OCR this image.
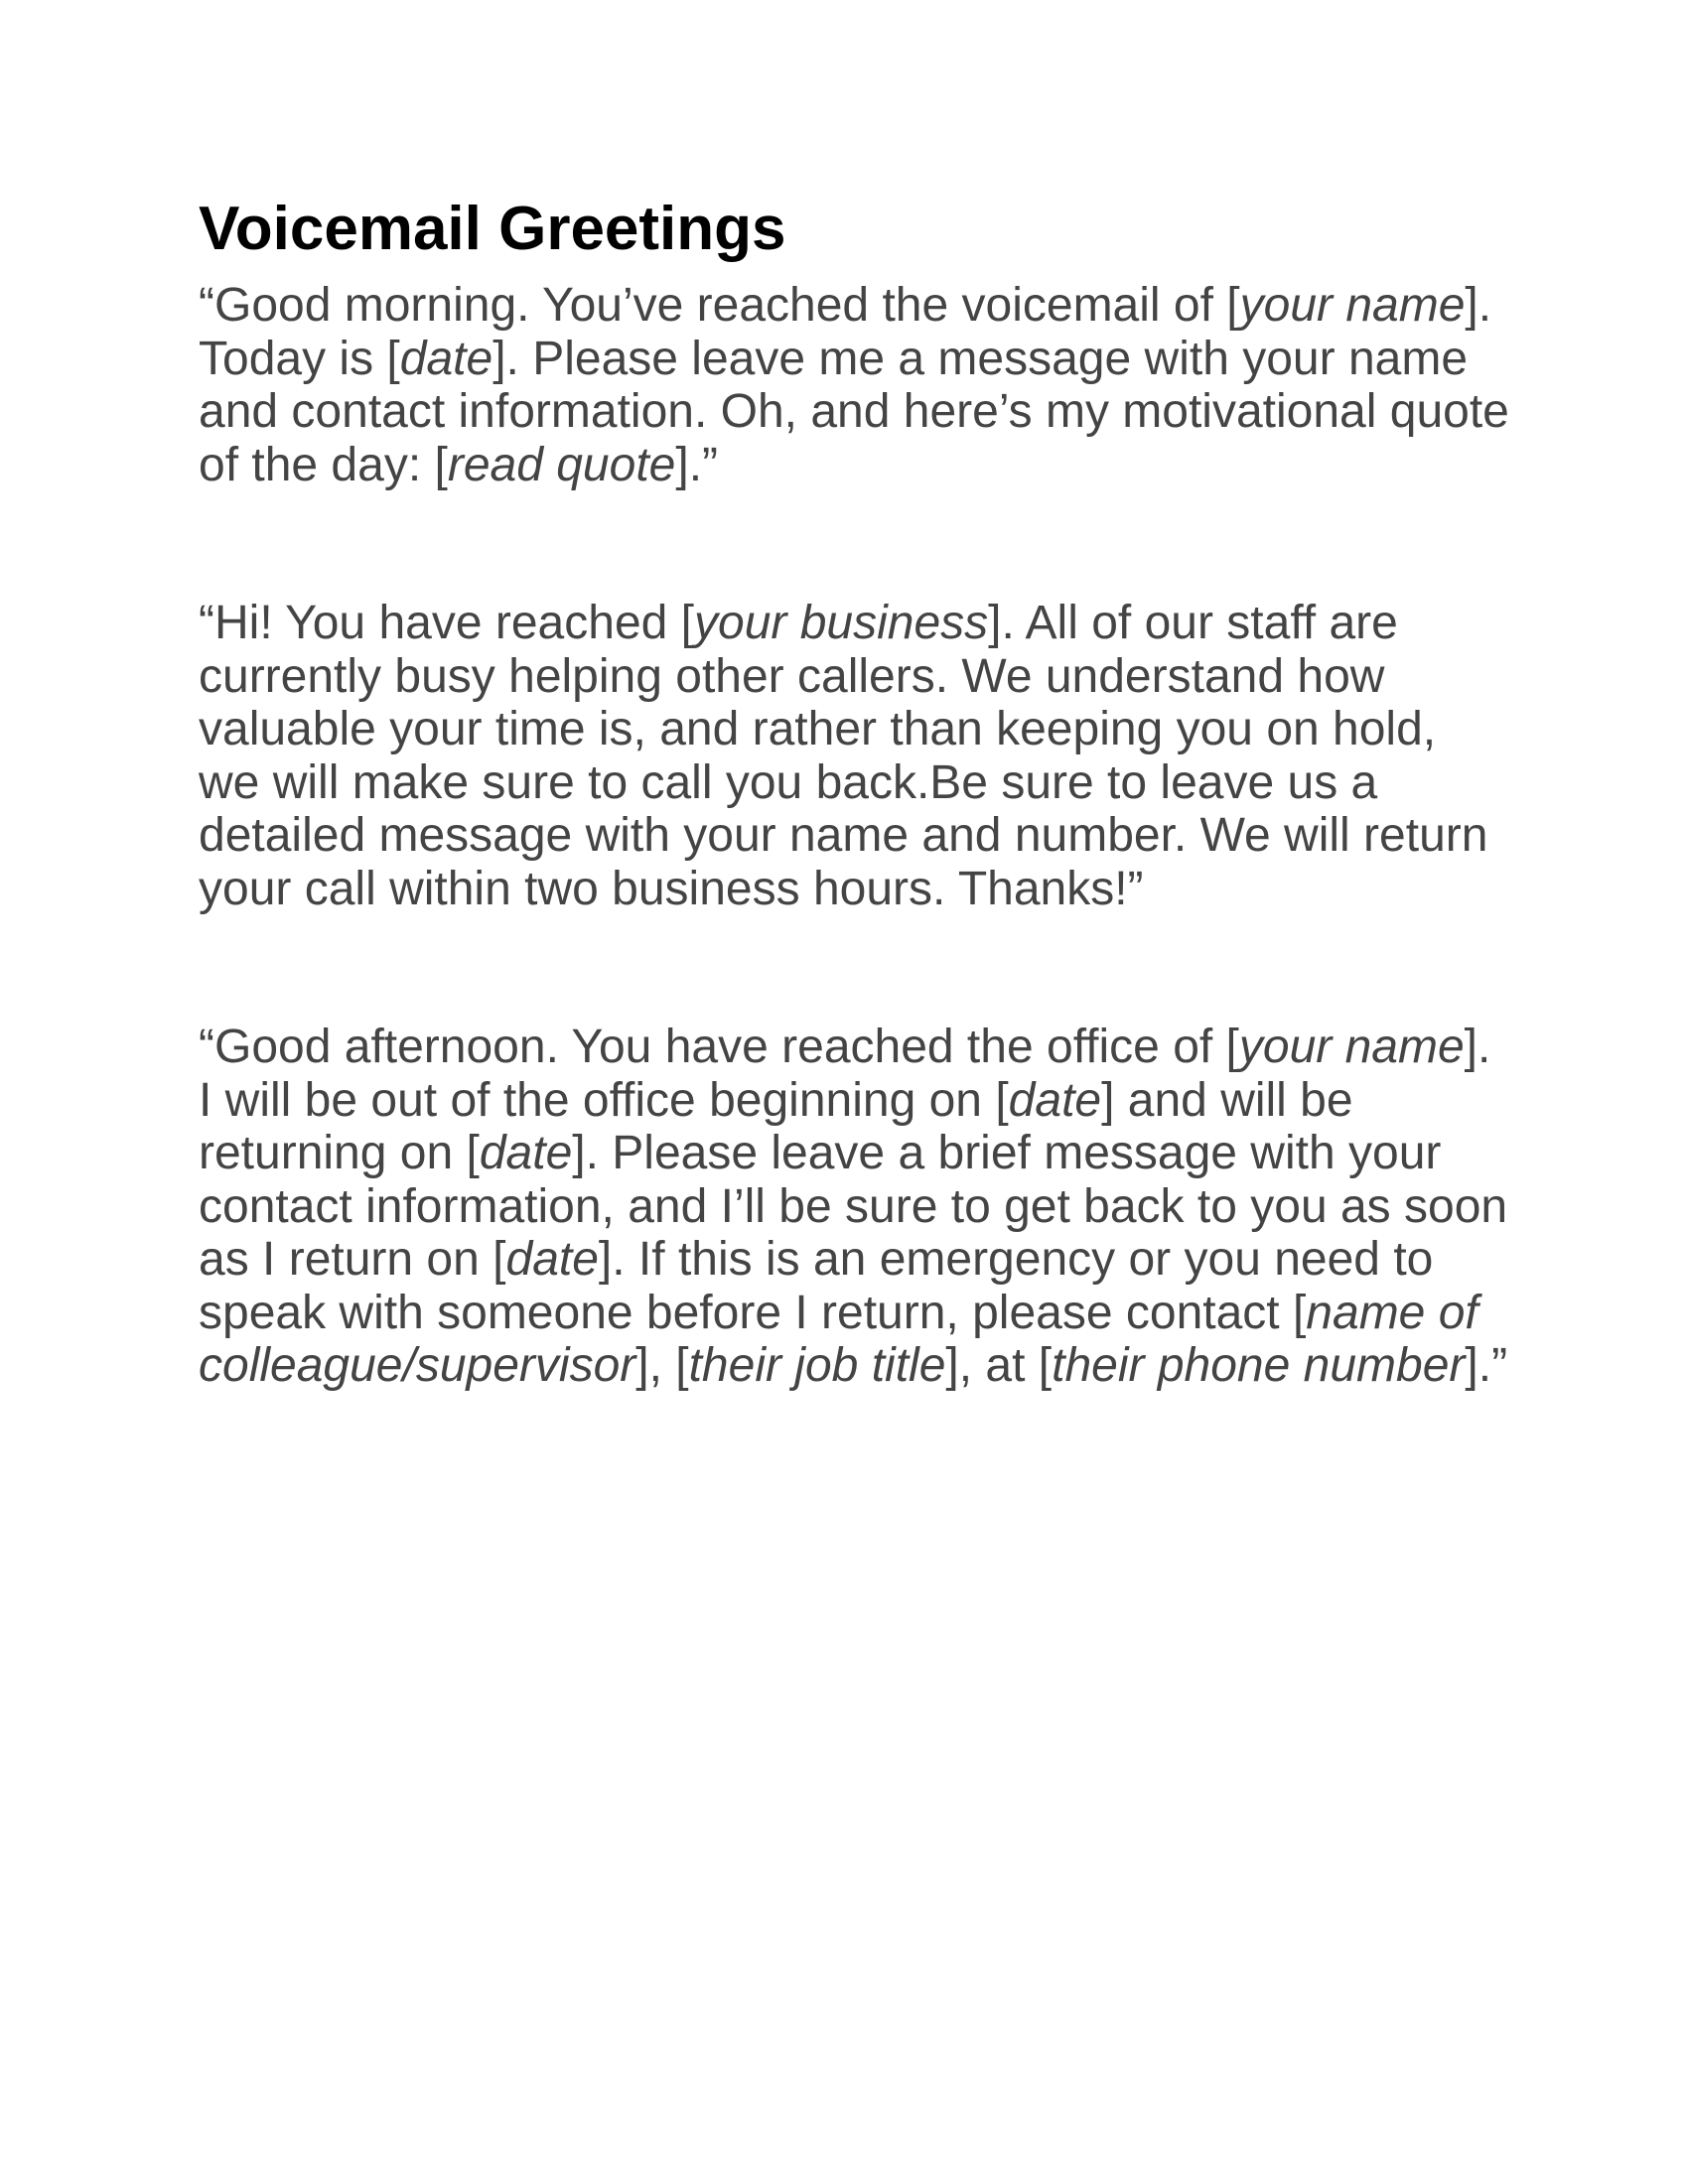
Voicemail Greetings

“Good morning. You’ve reached the voicemail of [your name]. Today is [date]. Please leave me a message with your name and contact information. Oh, and here’s my motivational quote of the day: [read quote].”

“Hi! You have reached [your business]. All of our staff are currently busy helping other callers. We understand how valuable your time is, and rather than keeping you on hold, we will make sure to call you back.Be sure to leave us a detailed message with your name and number. We will return your call within two business hours. Thanks!”

“Good afternoon. You have reached the office of [your name]. I will be out of the office beginning on [date] and will be returning on [date]. Please leave a brief message with your contact information, and I’ll be sure to get back to you as soon as I return on [date]. If this is an emergency or you need to speak with someone before I return, please contact [name of colleague/supervisor], [their job title], at [their phone number].”
